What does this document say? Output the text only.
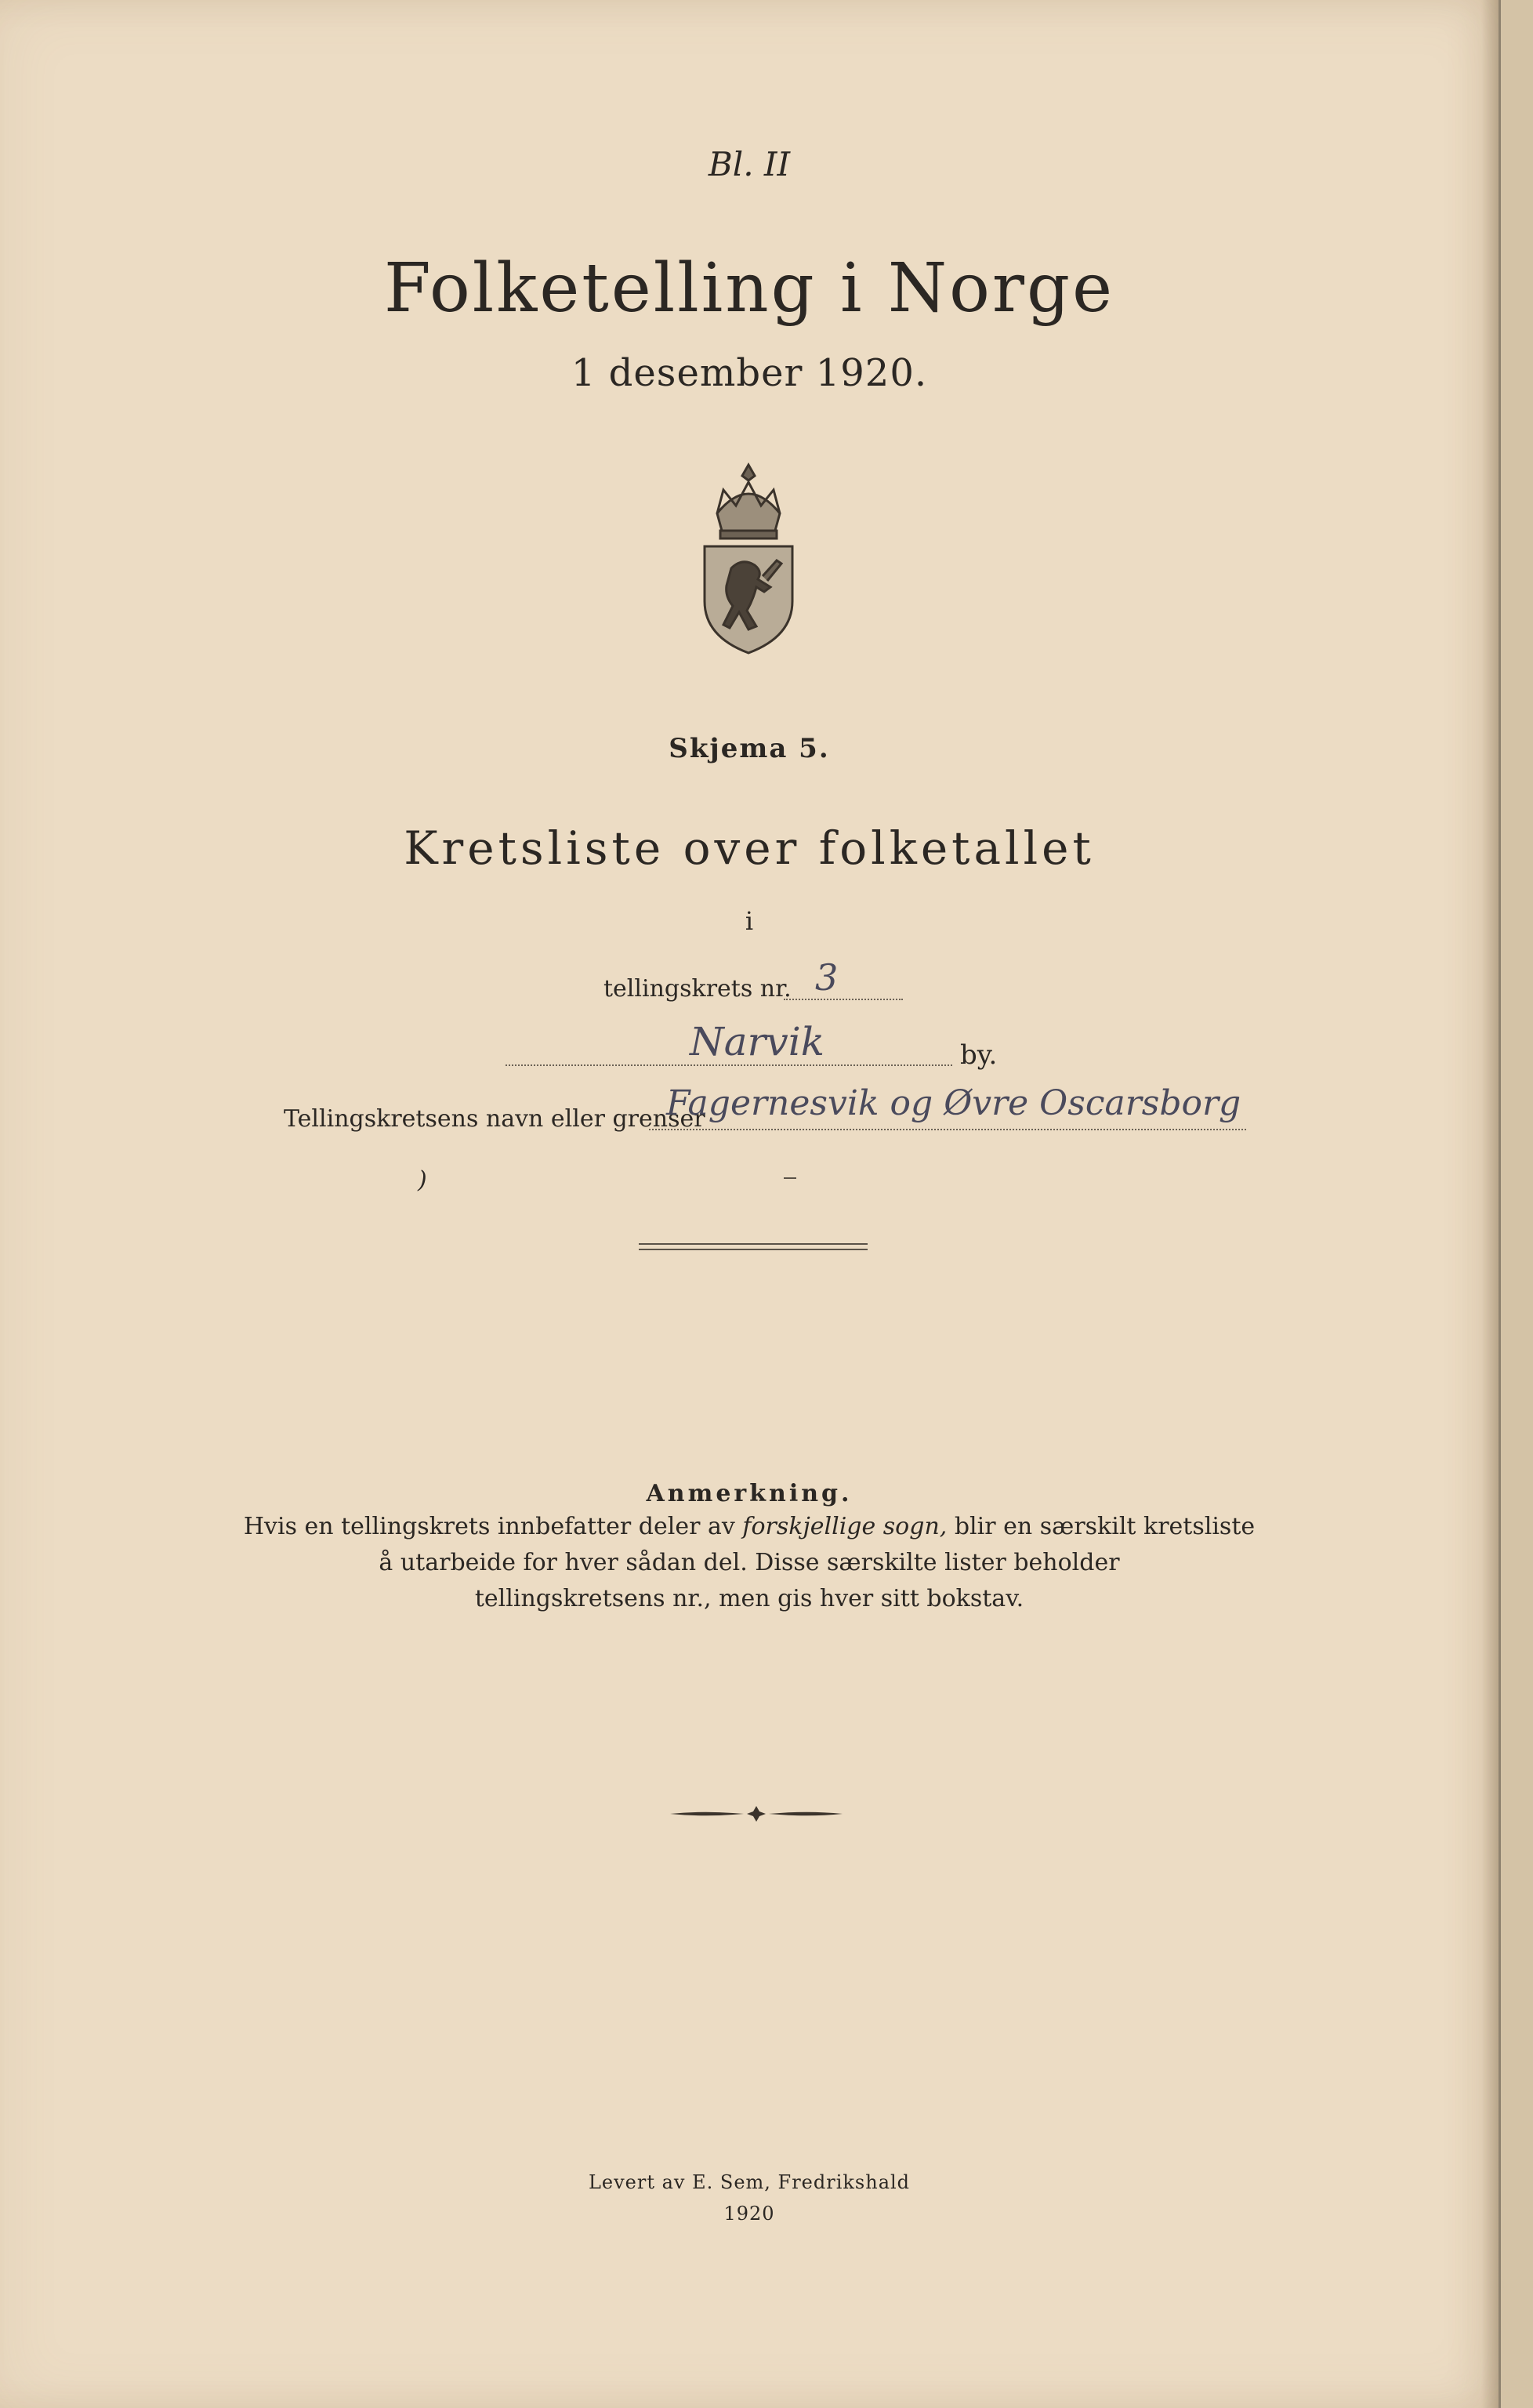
Bl. II
Folketelling i Norge
1 desember 1920.
Skjema 5.
Kretsliste over folketallet
i
tellingskrets nr. 3
Narvik	by.
Tellingskretsens navn eller grenser
Fagernesvik og Øvre Oscarsborg
)
Anmerkning.
Hvis en tellingskrets innbefatter deler av forskjellige sogn, blir en særskilt kretsliste
å utarbeide for hver sådan del. Disse særskilte lister beholder
tellingskretsens nr., men gis hver sitt bokstav.
Levert av E. Sem, Fredrikshald
1920
